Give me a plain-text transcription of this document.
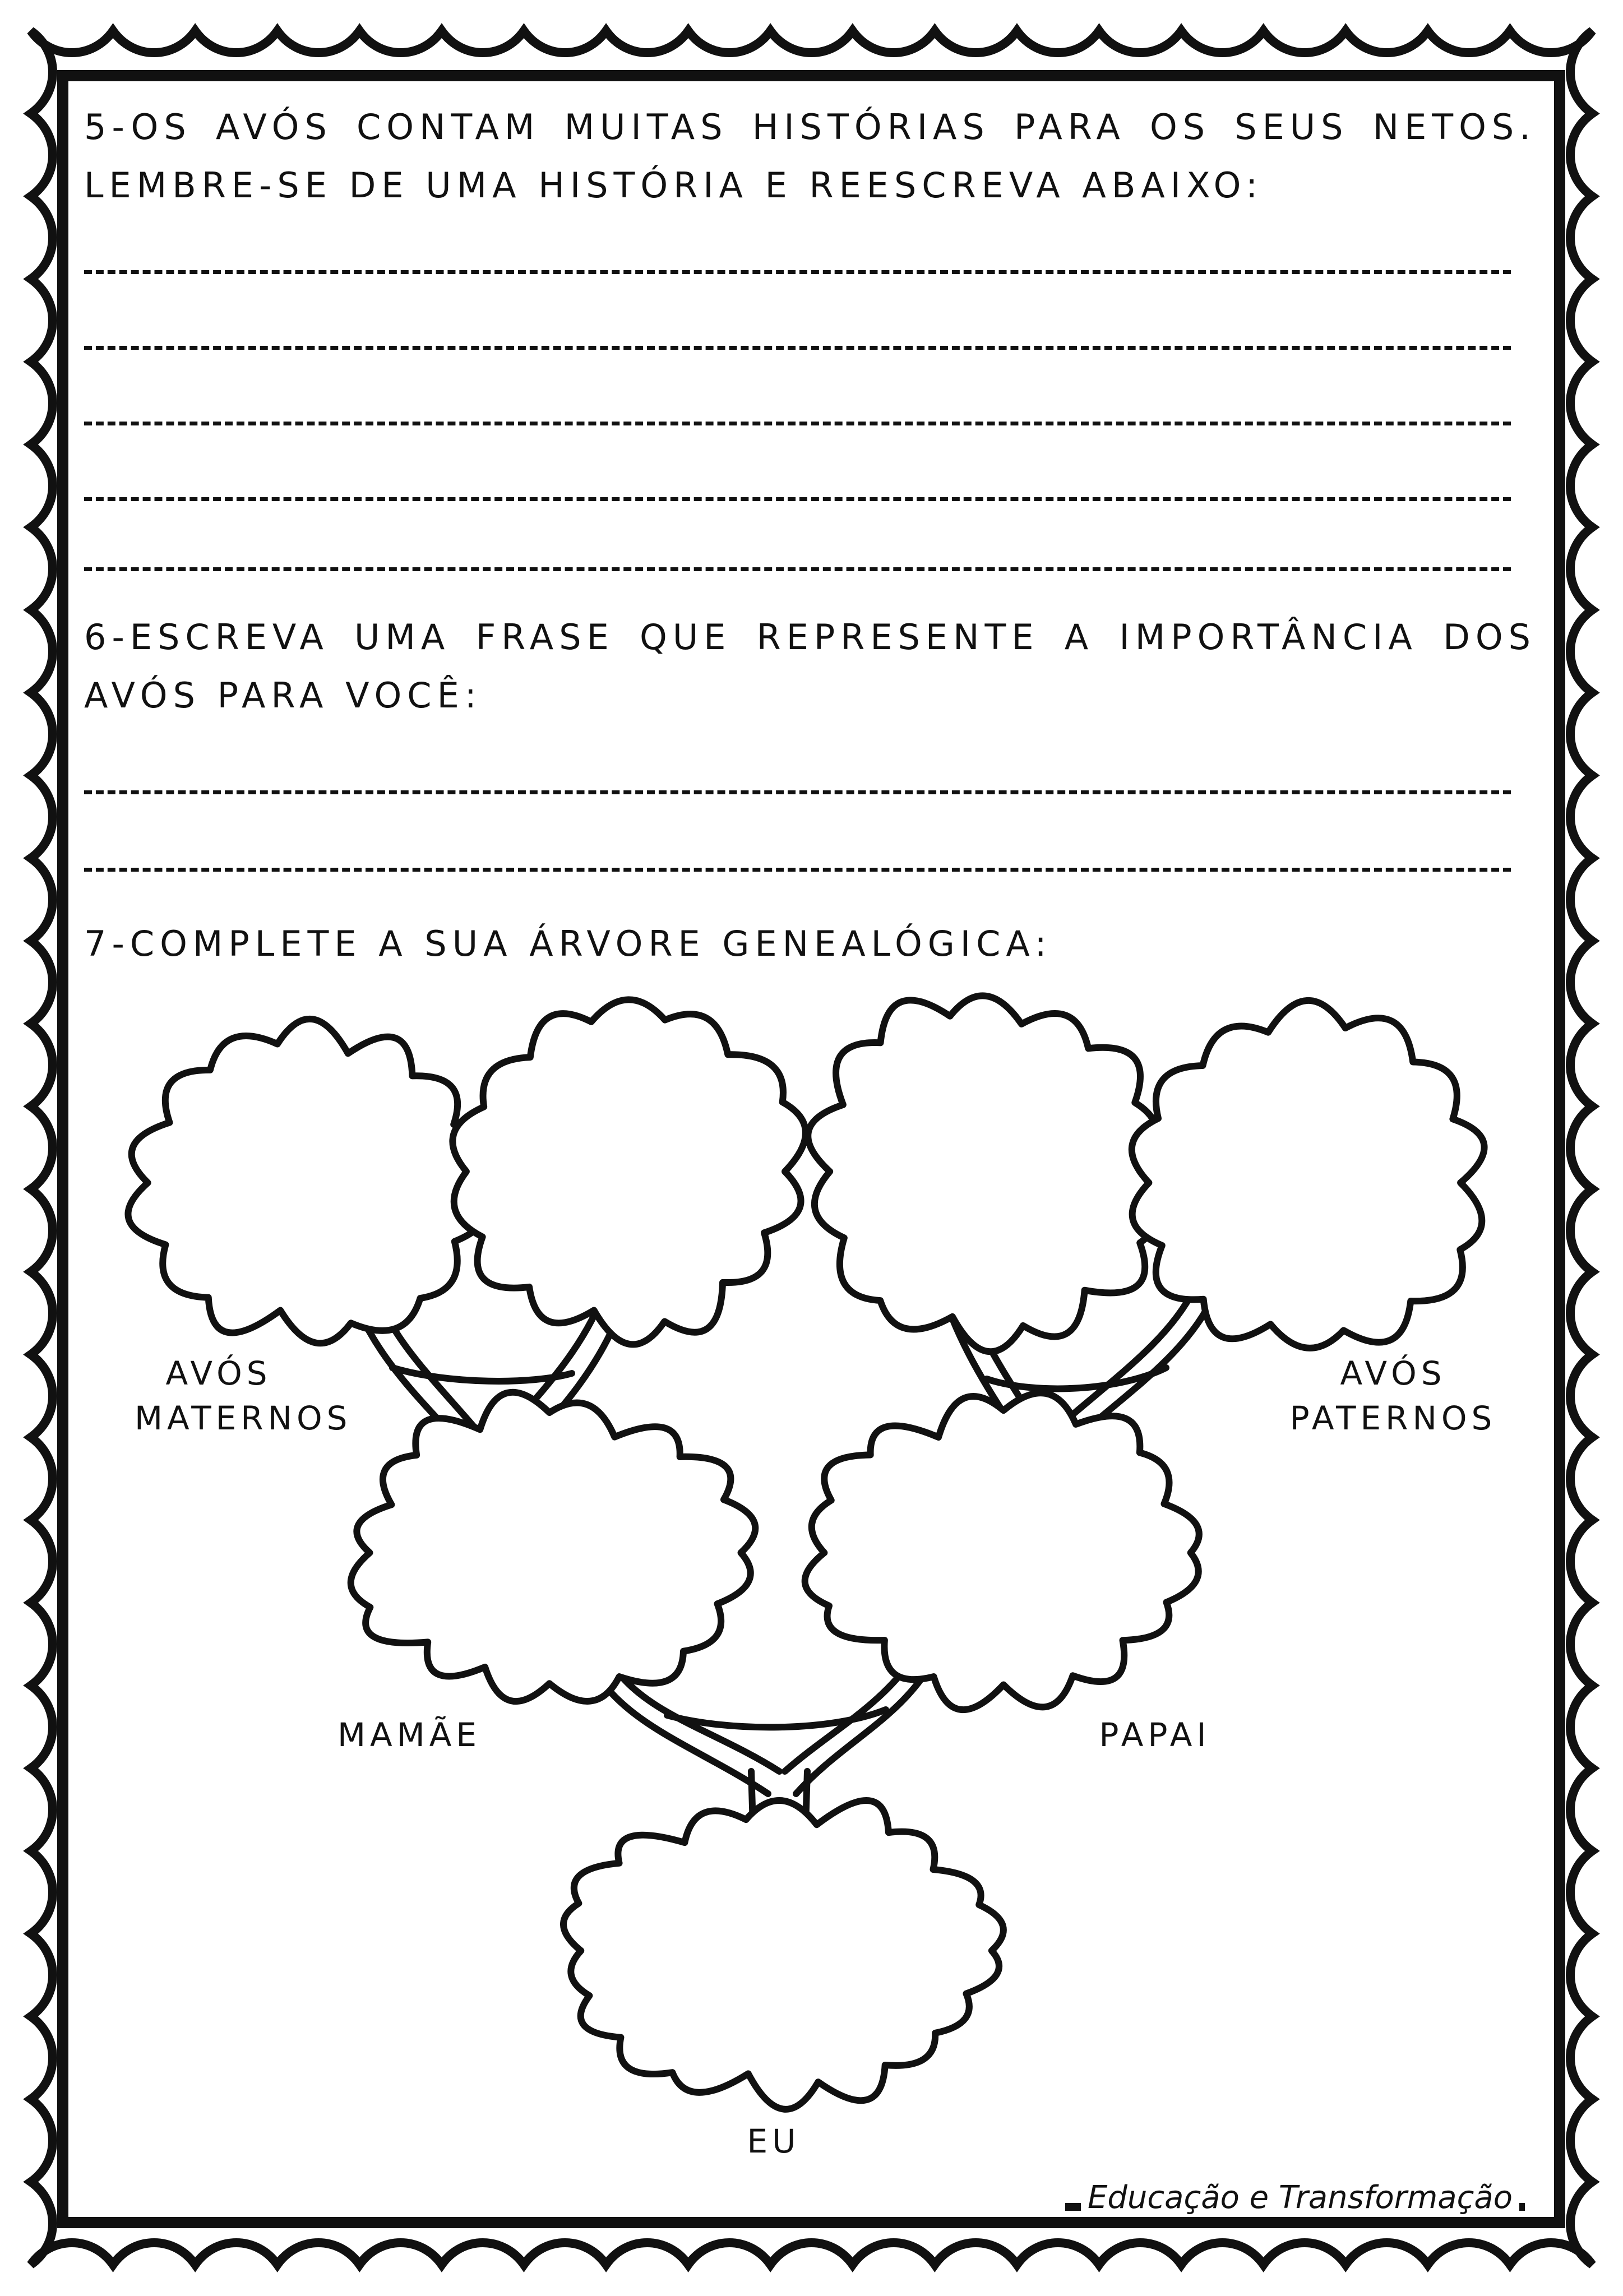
5-OS AVÓS CONTAM MUITAS HISTÓRIAS PARA OS SEUS NETOS.
LEMBRE-SE DE UMA HISTÓRIA E REESCREVA ABAIXO:
6-ESCREVA UMA FRASE QUE REPRESENTE A IMPORTÂNCIA DOS
AVÓS PARA VOCÊ:
7-COMPLETE A SUA ÁRVORE GENEALÓGICA:
AVÓS
MATERNOS
AVÓS
PATERNOS
MAMÃE	PAPAI
EU
Educação e Transformação
